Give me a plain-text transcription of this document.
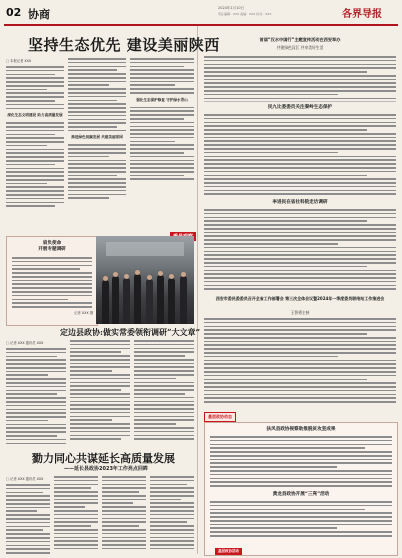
02 协商	2024年1月10日
责任编辑：XXX 美编：XXX 校对：XXX	各界导报
坚持生态优先 建设美丽陕西
□ 本报记者 XXX
深化生态文明建设 助力高质量发展
推进绿色低碳发展 共建美丽家园
强化生态保护修复 守护绿水青山
肩负使命
开展专题调研
记者 XXX 摄
定边县政协:做实常委领衔调研“大文章”
□ 记者 XXX 通讯员 XXX
勠力同心共谋延长高质量发展
——延长县政协2023年工作亮点回眸
□ 记者 XXX 通讯员 XXX
首届“汉水中国行”主题宣传活动在西安举办
共建绿色汉江 共享美好生活
民九比委委员关注秦岭生态保护
李进民在省社科院走访调研
西安市委民委委员召开全省工作部署会 第三次全体会议暨2024年一季度委员联络站工作推进会
王智勇主持
基层政协动态
扶风县政协视察助推脱贫攻坚成果
黄龙县政协开展“三亮”活动
基层政协活动
